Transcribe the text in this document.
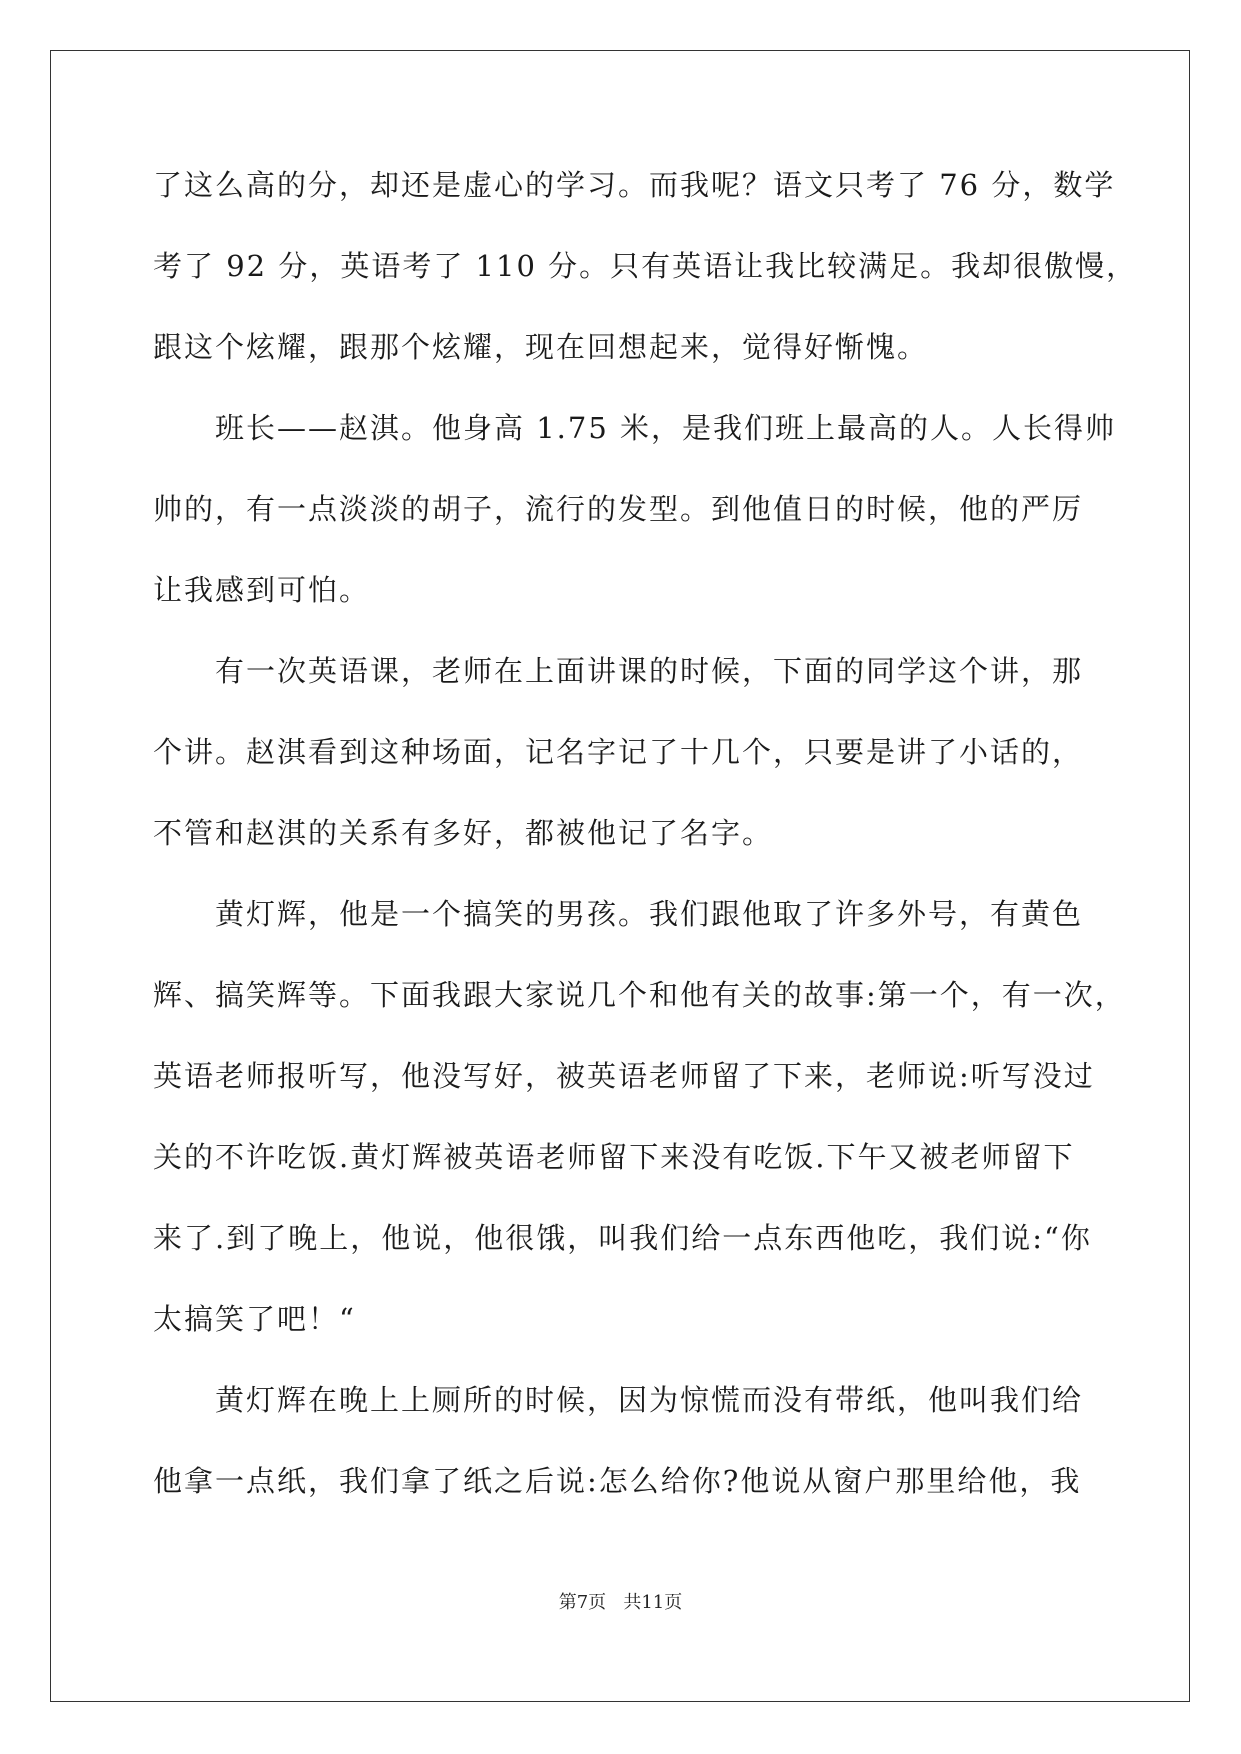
了这么高的分，却还是虚心的学习。而我呢？语文只考了 76 分，数学
考了 92 分，英语考了 110 分。只有英语让我比较满足。我却很傲慢，
跟这个炫耀，跟那个炫耀，现在回想起来，觉得好惭愧。
班长——赵淇。他身高 1.75 米，是我们班上最高的人。人长得帅
帅的，有一点淡淡的胡子，流行的发型。到他值日的时候，他的严厉
让我感到可怕。
有一次英语课，老师在上面讲课的时候，下面的同学这个讲，那
个讲。赵淇看到这种场面，记名字记了十几个，只要是讲了小话的，
不管和赵淇的关系有多好，都被他记了名字。
黄灯辉，他是一个搞笑的男孩。我们跟他取了许多外号，有黄色
辉、搞笑辉等。下面我跟大家说几个和他有关的故事:第一个，有一次，
英语老师报听写，他没写好，被英语老师留了下来，老师说:听写没过
关的不许吃饭.黄灯辉被英语老师留下来没有吃饭.下午又被老师留下
来了.到了晚上，他说，他很饿，叫我们给一点东西他吃，我们说:“你
太搞笑了吧！“
黄灯辉在晚上上厕所的时候，因为惊慌而没有带纸，他叫我们给
他拿一点纸，我们拿了纸之后说:怎么给你?他说从窗户那里给他，我
第7页 共11页
